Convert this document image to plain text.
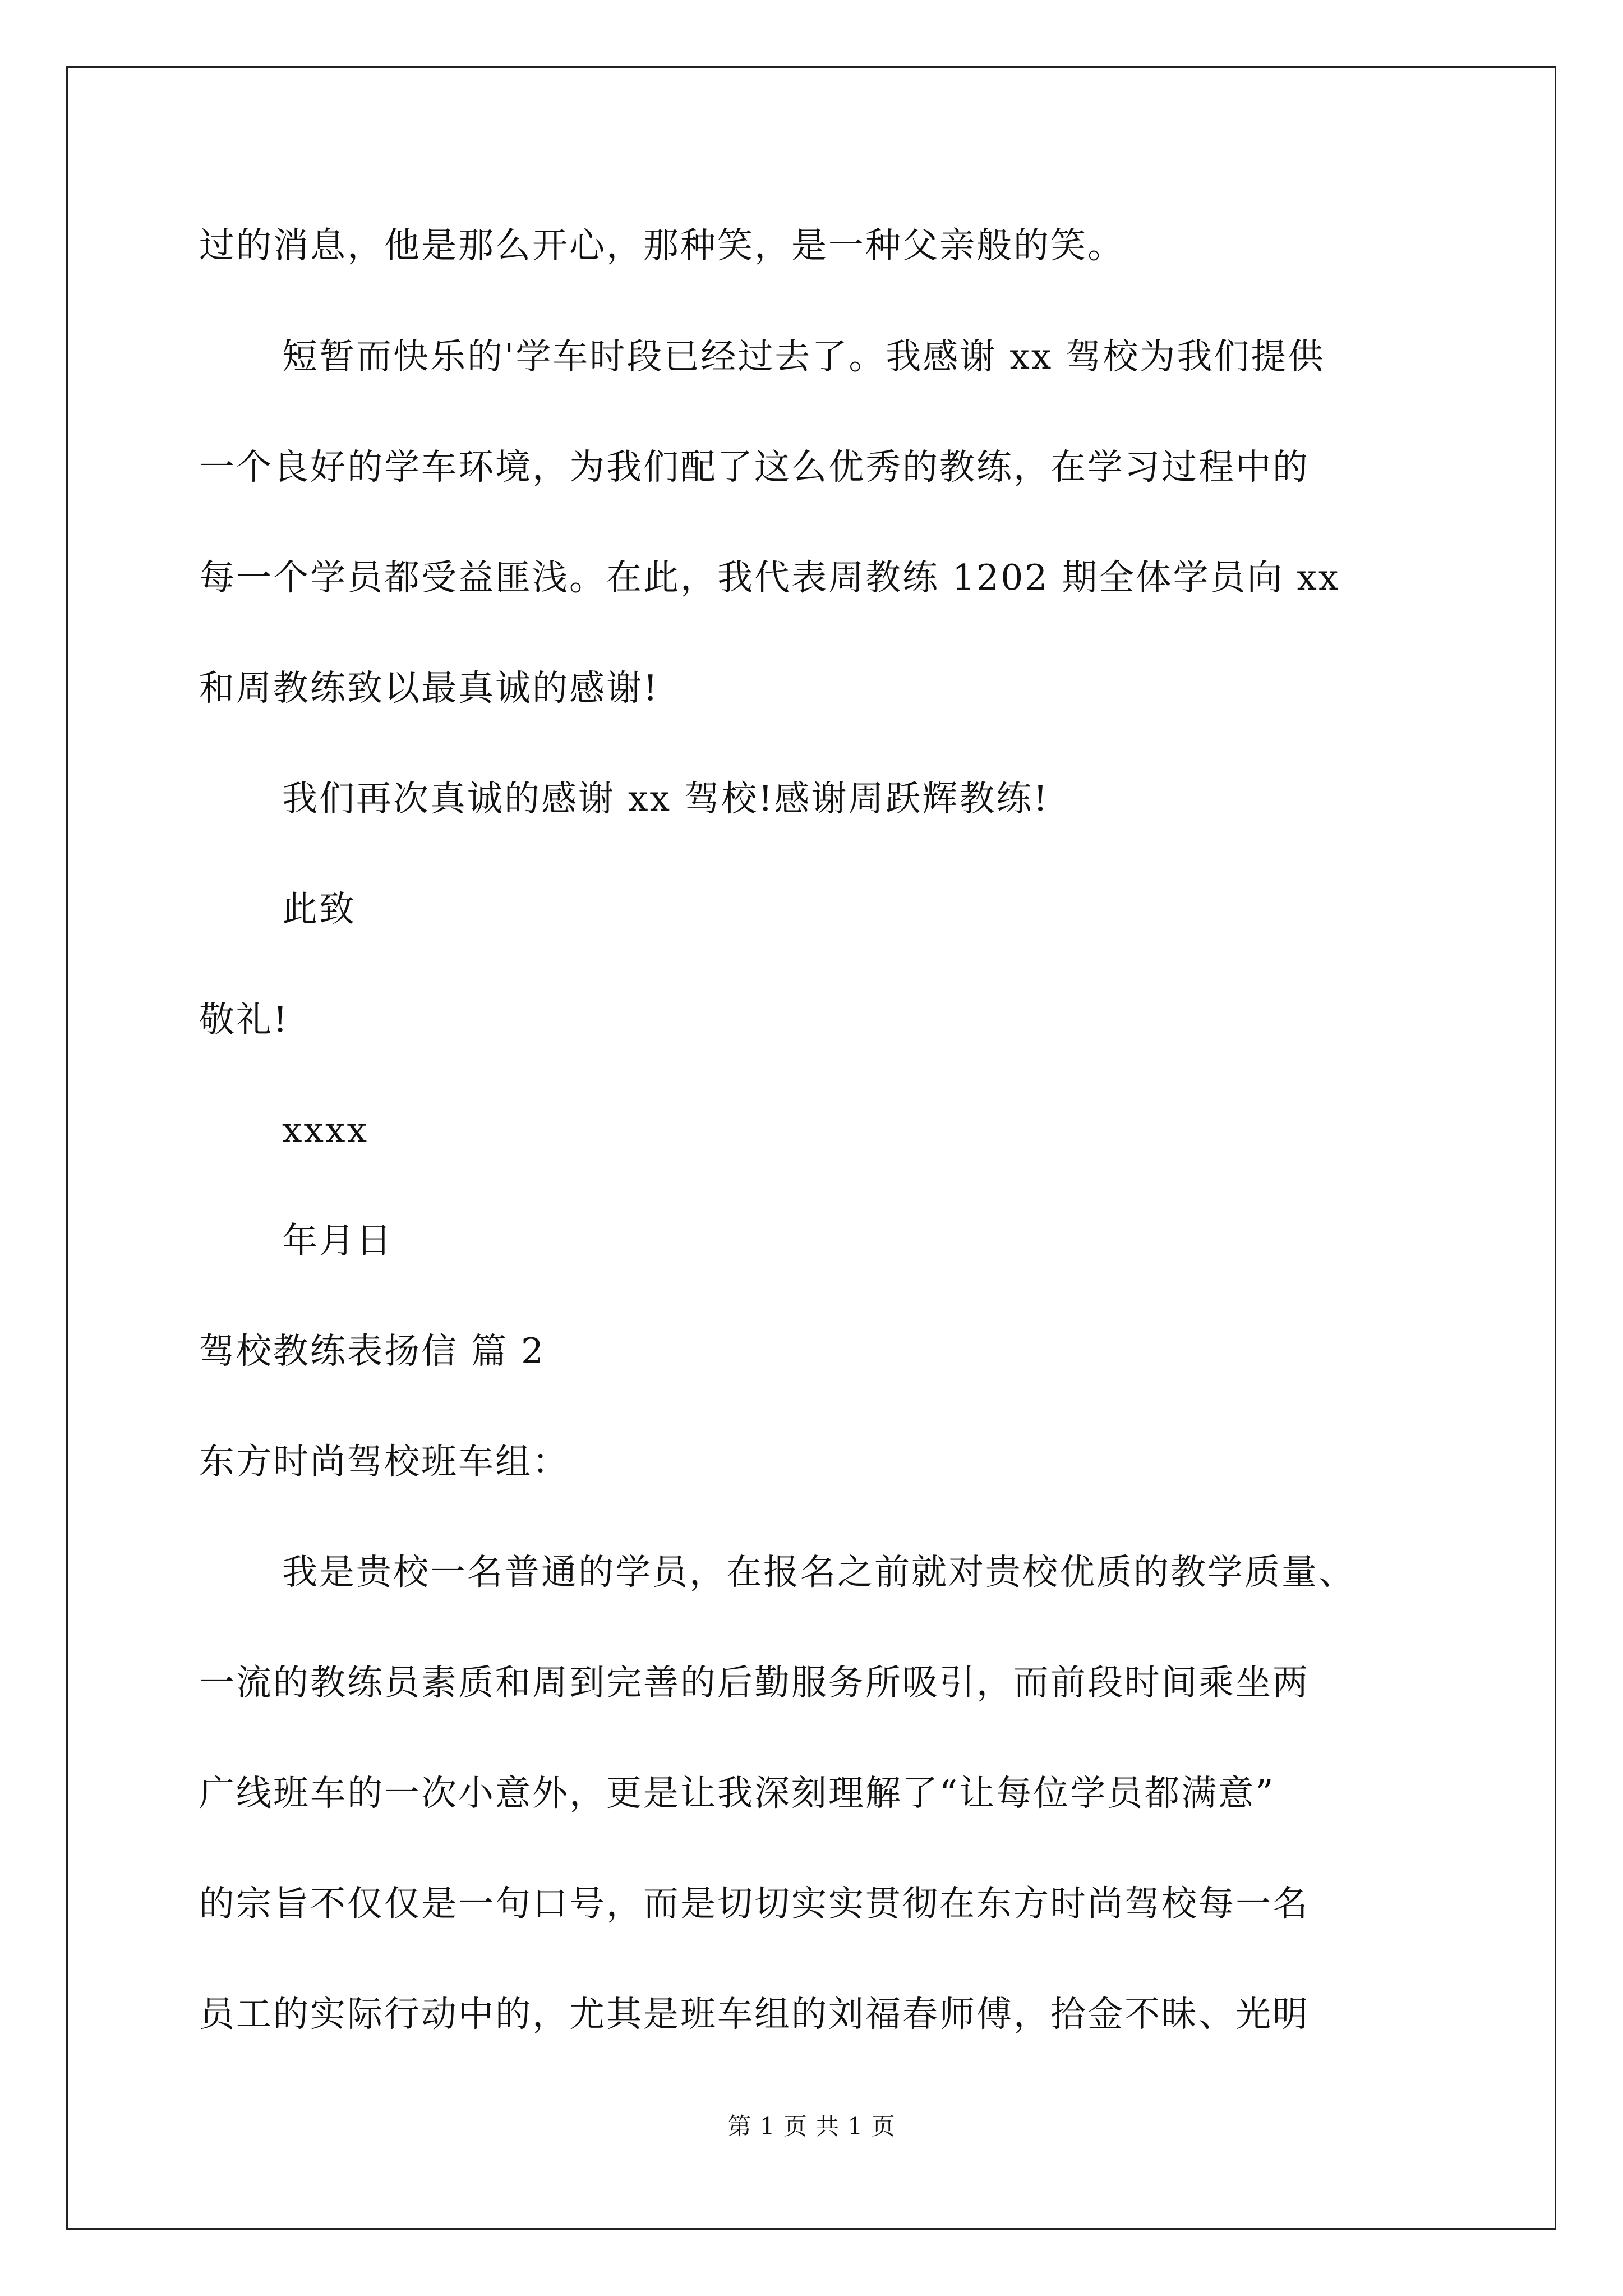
过的消息，他是那么开心，那种笑，是一种父亲般的笑。
短暂而快乐的'学车时段已经过去了。我感谢 xx 驾校为我们提供
一个良好的学车环境，为我们配了这么优秀的教练，在学习过程中的
每一个学员都受益匪浅。在此，我代表周教练 1202 期全体学员向 xx
和周教练致以最真诚的感谢!
我们再次真诚的感谢 xx 驾校!感谢周跃辉教练!
此致
敬礼!
xxxx
年月日
驾校教练表扬信 篇 2
东方时尚驾校班车组：
我是贵校一名普通的学员，在报名之前就对贵校优质的教学质量、
一流的教练员素质和周到完善的后勤服务所吸引，而前段时间乘坐两
广线班车的一次小意外，更是让我深刻理解了“让每位学员都满意”
的宗旨不仅仅是一句口号，而是切切实实贯彻在东方时尚驾校每一名
员工的实际行动中的，尤其是班车组的刘福春师傅，拾金不昧、光明
第 1 页 共 1 页
